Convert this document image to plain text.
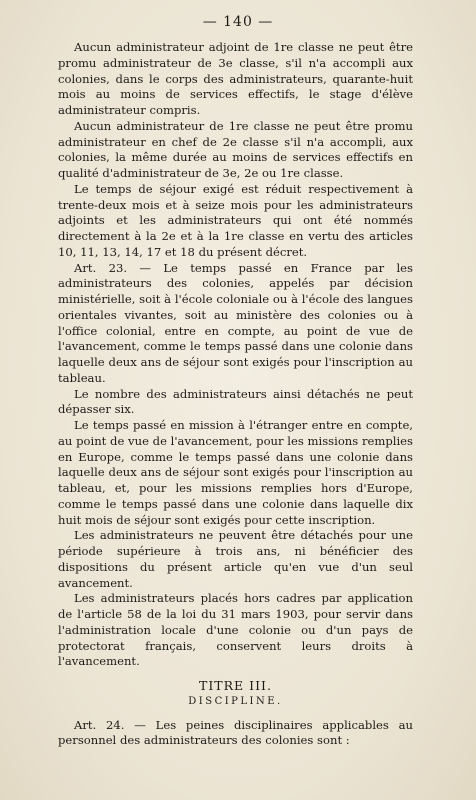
— 140 —

Aucun administrateur adjoint de 1re classe ne peut être promu administrateur de 3e classe, s'il n'a accompli aux colonies, dans le corps des administrateurs, quarante-huit mois au moins de services effectifs, le stage d'élève administrateur compris.

Aucun administrateur de 1re classe ne peut être promu administrateur en chef de 2e classe s'il n'a accompli, aux colonies, la même durée au moins de services effectifs en qualité d'administrateur de 3e, 2e ou 1re classe.

Le temps de séjour exigé est réduit respectivement à trente-deux mois et à seize mois pour les administrateurs adjoints et les administrateurs qui ont été nommés directement à la 2e et à la 1re classe en vertu des articles 10, 11, 13, 14, 17 et 18 du présent décret.

Art. 23. — Le temps passé en France par les administrateurs des colonies, appelés par décision ministérielle, soit à l'école coloniale ou à l'école des langues orientales vivantes, soit au ministère des colonies ou à l'office colonial, entre en compte, au point de vue de l'avancement, comme le temps passé dans une colonie dans laquelle deux ans de séjour sont exigés pour l'inscription au tableau.

Le nombre des administrateurs ainsi détachés ne peut dépasser six.

Le temps passé en mission à l'étranger entre en compte, au point de vue de l'avancement, pour les missions remplies en Europe, comme le temps passé dans une colonie dans laquelle deux ans de séjour sont exigés pour l'inscription au tableau, et, pour les missions remplies hors d'Europe, comme le temps passé dans une colonie dans laquelle dix huit mois de séjour sont exigés pour cette inscription.

Les administrateurs ne peuvent être détachés pour une période supérieure à trois ans, ni bénéficier des dispositions du présent article qu'en vue d'un seul avancement.

Les administrateurs placés hors cadres par application de l'article 58 de la loi du 31 mars 1903, pour servir dans l'administration locale d'une colonie ou d'un pays de protectorat français, conservent leurs droits à l'avancement.

TITRE III.

DISCIPLINE.

Art. 24. — Les peines disciplinaires applicables au personnel des administrateurs des colonies sont :
